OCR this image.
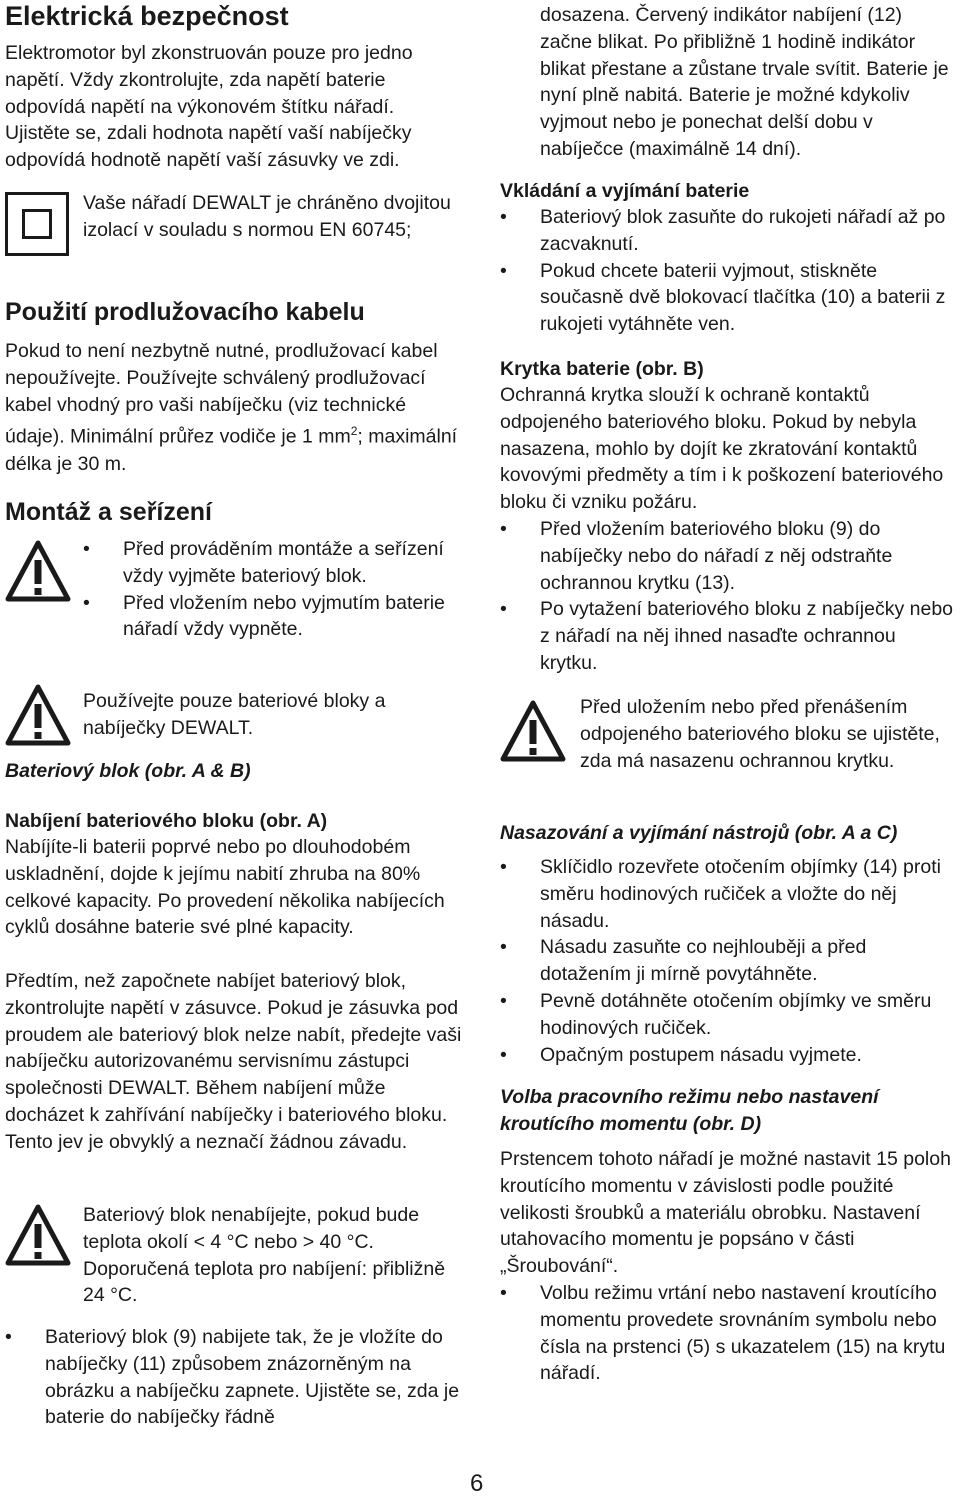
Elektrická bezpečnost

Elektromotor byl zkonstruován pouze pro jedno napětí. Vždy zkontrolujte, zda napětí baterie odpovídá napětí na výkonovém štítku nářadí. Ujistěte se, zdali hodnota napětí vaší nabíječky odpovídá hodnotě napětí vaší zásuvky ve zdi.

Vaše nářadí DEWALT je chráněno dvojitou izolací v souladu s normou EN 60745;

Použití prodlužovacího kabelu

Pokud to není nezbytně nutné, prodlužovací kabel nepoužívejte. Používejte schválený prodlužovací kabel vhodný pro vaši nabíječku (viz technické údaje). Minimální průřez vodiče je 1 $mm^2$; maximální délka je 30 m.

Montáž a seřízení
• Před prováděním montáže a seřízení vždy vyjměte bateriový blok.
• Před vložením nebo vyjmutím baterie nářadí vždy vypněte.

Používejte pouze bateriové bloky a nabíječky DEWALT.

Bateriový blok (obr. A & B)
Nabíjení bateriového bloku (obr. A)

Nabíjíte-li baterii poprvé nebo po dlouhodobém uskladnění, dojde k jejímu nabití zhruba na 80% celkové kapacity. Po provedení několika nabíjecích cyklů dosáhne baterie své plné kapacity.

Předtím, než započnete nabíjet bateriový blok, zkontrolujte napětí v zásuvce. Pokud je zásuvka pod proudem ale bateriový blok nelze nabít, předejte vaši nabíječku autorizovanému servisnímu zástupci společnosti DEWALT. Během nabíjení může docházet k zahřívání nabíječky i bateriového bloku. Tento jev je obvyklý a neznačí žádnou závadu.

Bateriový blok nenabíjejte, pokud bude teplota okolí < 4 °C nebo > 40 °C. Doporučená teplota pro nabíjení: přibližně 24 °C.

• Bateriový blok (9) nabijete tak, že je vložíte do nabíječky (11) způsobem znázorněným na obrázku a nabíječku zapnete. Ujistěte se, zda je baterie do nabíječky řádně

dosazena. Červený indikátor nabíjení (12) začne blikat. Po přibližně 1 hodině indikátor blikat přestane a zůstane trvale svítit. Baterie je nyní plně nabitá. Baterie je možné kdykoliv vyjmout nebo je ponechat delší dobu v nabíječce (maximálně 14 dní).

Vkládání a vyjímání baterie
• Bateriový blok zasuňte do rukojeti nářadí až po zacvaknutí.
• Pokud chcete baterii vyjmout, stiskněte současně dvě blokovací tlačítka (10) a baterii z rukojeti vytáhněte ven.
Krytka baterie (obr. B)

Ochranná krytka slouží k ochraně kontaktů odpojeného bateriového bloku. Pokud by nebyla nasazena, mohlo by dojít ke zkratování kontaktů kovovými předměty a tím i k poškození bateriového bloku či vzniku požáru.

• Před vložením bateriového bloku (9) do nabíječky nebo do nářadí z něj odstraňte ochrannou krytku (13).
• Po vytažení bateriového bloku z nabíječky nebo z nářadí na něj ihned nasaďte ochrannou krytku.

Před uložením nebo před přenášením odpojeného bateriového bloku se ujistěte, zda má nasazenu ochrannou krytku.

Nasazování a vyjímání nástrojů (obr. A a C)
• Sklíčidlo rozevřete otočením objímky (14) proti směru hodinových ručiček a vložte do něj násadu.
• Násadu zasuňte co nejhlouběji a před dotažením ji mírně povytáhněte.
• Pevně dotáhněte otočením objímky ve směru hodinových ručiček.
• Opačným postupem násadu vyjmete.
Volba pracovního režimu nebo nastavení kroutícího momentu (obr. D)

Prstencem tohoto nářadí je možné nastavit 15 poloh kroutícího momentu v závislosti podle použité velikosti šroubků a materiálu obrobku. Nastavení utahovacího momentu je popsáno v části „Šroubování“.

• Volbu režimu vrtání nebo nastavení kroutícího momentu provedete srovnáním symbolu nebo čísla na prstenci (5) s ukazatelem (15) na krytu nářadí.
6
